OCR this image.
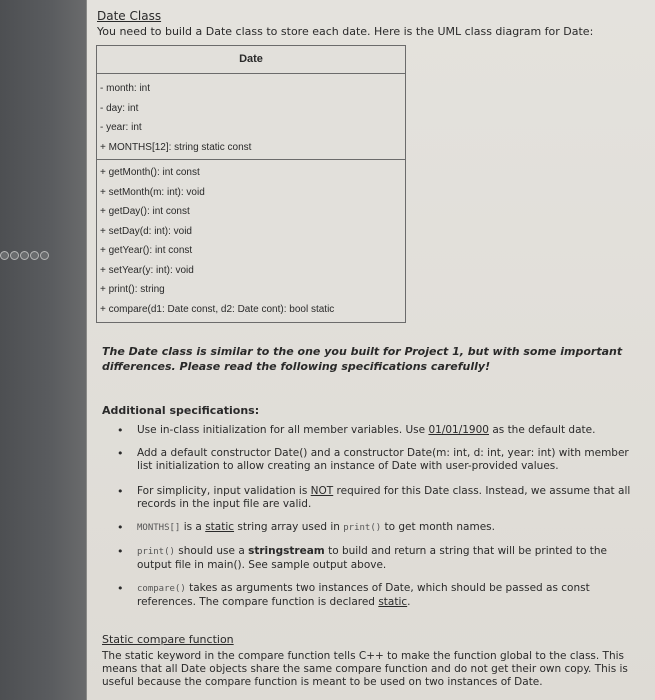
Date Class
You need to build a Date class to store each date. Here is the UML class diagram for Date:
Date
- month: int
- day: int
- year: int
+ MONTHS[12]: string static const
+ getMonth(): int const
+ setMonth(m: int): void
+ getDay(): int const
+ setDay(d: int): void
+ getYear(): int const
+ setYear(y: int): void
+ print(): string
+ compare(d1: Date const, d2: Date cont): bool static
The Date class is similar to the one you built for Project 1, but with some important
differences. Please read the following specifications carefully!
Additional specifications:
• Use in-class initialization for all member variables. Use 01/01/1900 as the default date.
• Add a default constructor Date() and a constructor Date(m: int, d: int, year: int) with member list initialization to allow creating an instance of Date with user-provided values.
• For simplicity, input validation is NOT required for this Date class. Instead, we assume that all records in the input file are valid.
• MONTHS[] is a static string array used in print() to get month names.
• print() should use a stringstream to build and return a string that will be printed to the output file in main(). See sample output above.
• compare() takes as arguments two instances of Date, which should be passed as const references. The compare function is declared static.
Static compare function
The static keyword in the compare function tells C++ to make the function global to the class. This means that all Date objects share the same compare function and do not get their own copy. This is useful because the compare function is meant to be used on two instances of Date.
